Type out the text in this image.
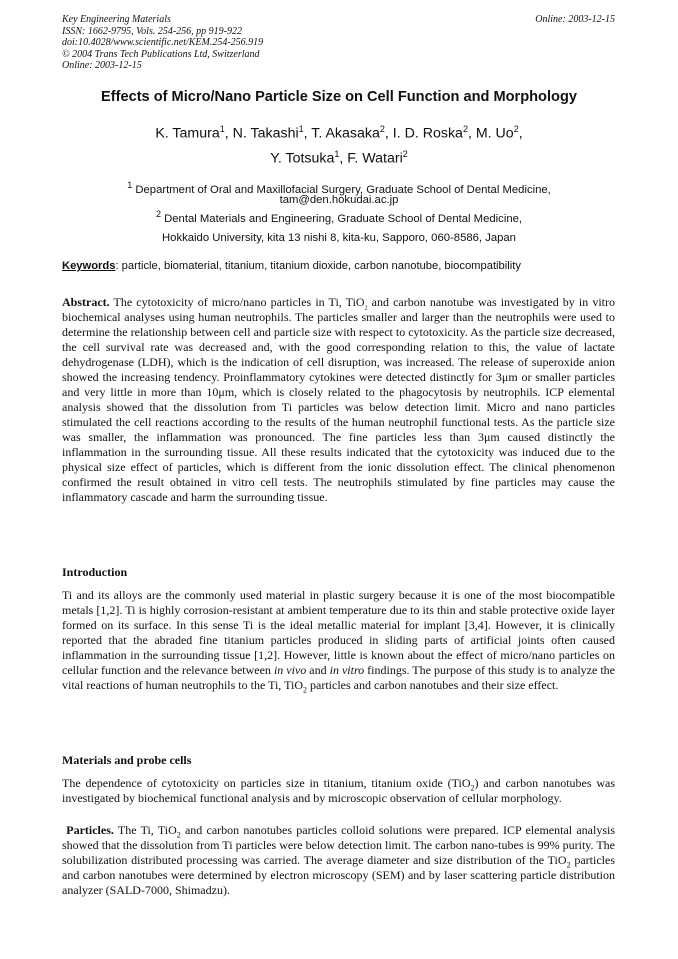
Key Engineering Materials
ISSN: 1662-9795, Vols. 254-256, pp 919-922
doi:10.4028/www.scientific.net/KEM.254-256.919
© 2004 Trans Tech Publications Ltd, Switzerland
Online: 2003-12-15
Online: 2003-12-15
Effects of Micro/Nano Particle Size on Cell Function and Morphology
K. Tamura$^1$, N. Takashi$^1$, T. Akasaka$^2$, I. D. Roska$^2$, M. Uo$^2$,
Y. Totsuka$^1$, F. Watari$^2$
$^1$ Department of Oral and Maxillofacial Surgery, Graduate School of Dental Medicine,
tam@den.hokudai.ac.jp
$^2$ Dental Materials and Engineering, Graduate School of Dental Medicine,
Hokkaido University, kita 13 nishi 8, kita-ku, Sapporo, 060-8586, Japan
Keywords: particle, biomaterial, titanium, titanium dioxide, carbon nanotube, biocompatibility

Abstract. The cytotoxicity of micro/nano particles in Ti, TiO$_2$ and carbon nanotube was investigated by in vitro biochemical analyses using human neutrophils. The particles smaller and larger than the neutrophils were used to determine the relationship between cell and particle size with respect to cytotoxicity. As the particle size decreased, the cell survival rate was decreased and, with the good corresponding relation to this, the value of lactate dehydrogenase (LDH), which is the indication of cell disruption, was increased. The release of superoxide anion showed the increasing tendency. Proinflammatory cytokines were detected distinctly for 3μm or smaller particles and very little in more than 10μm, which is closely related to the phagocytosis by neutrophils. ICP elemental analysis showed that the dissolution from Ti particles was below detection limit. Micro and nano particles stimulated the cell reactions according to the results of the human neutrophil functional tests. As the particle size was smaller, the inflammation was pronounced. The fine particles less than 3μm caused distinctly the inflammation in the surrounding tissue. All these results indicated that the cytotoxicity was induced due to the physical size effect of particles, which is different from the ionic dissolution effect. The clinical phenomenon confirmed the result obtained in vitro cell tests. The neutrophils stimulated by fine particles may cause the inflammatory cascade and harm the surrounding tissue.

Introduction

Ti and its alloys are the commonly used material in plastic surgery because it is one of the most biocompatible metals [1,2]. Ti is highly corrosion-resistant at ambient temperature due to its thin and stable protective oxide layer formed on its surface. In this sense Ti is the ideal metallic material for implant [3,4]. However, it is clinically reported that the abraded fine titanium particles produced in sliding parts of artificial joints often caused inflammation in the surrounding tissue [1,2]. However, little is known about the effect of micro/nano particles on cellular function and the relevance between in vivo and in vitro findings. The purpose of this study is to analyze the vital reactions of human neutrophils to the Ti, TiO$_2$ particles and carbon nanotubes and their size effect.

Materials and probe cells

The dependence of cytotoxicity on particles size in titanium, titanium oxide (TiO$_2$) and carbon nanotubes was investigated by biochemical functional analysis and by microscopic observation of cellular morphology.

Particles. The Ti, TiO$_2$ and carbon nanotubes particles colloid solutions were prepared. ICP elemental analysis showed that the dissolution from Ti particles were below detection limit. The carbon nano-tubes is 99% purity. The solubilization distributed processing was carried. The average diameter and size distribution of the TiO$_2$ particles and carbon nanotubes were determined by electron microscopy (SEM) and by laser scattering particle distribution analyzer (SALD-7000, Shimadzu).
